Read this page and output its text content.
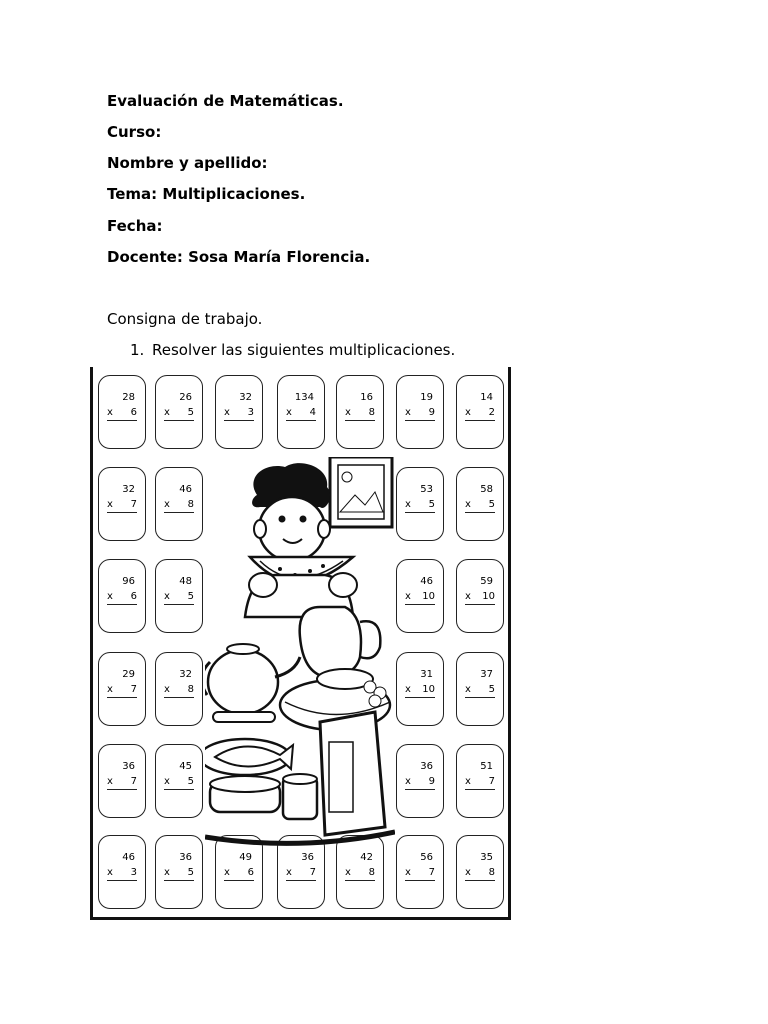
Evaluación de Matemáticas.
Curso:
Nombre y apellido:
Tema: Multiplicaciones.
Fecha:
Docente: Sosa María Florencia.
Consigna de trabajo.
1. Resolver las siguientes multiplicaciones.
28
x 6
26
x 5
32
x 3
134
x 4
16
x 8
19
x 9
14
x 2
32
x 7
46
x 8
53
x 5
58
x 5
96
x 6
48
x 5
46
x 10
59
x 10
29
x 7
32
x 8
31
x 10
37
x 5
36
x 7
45
x 5
36
x 9
51
x 7
46
x 3
36
x 5
49
x 6
36
x 7
42
x 8
56
x 7
35
x 8
